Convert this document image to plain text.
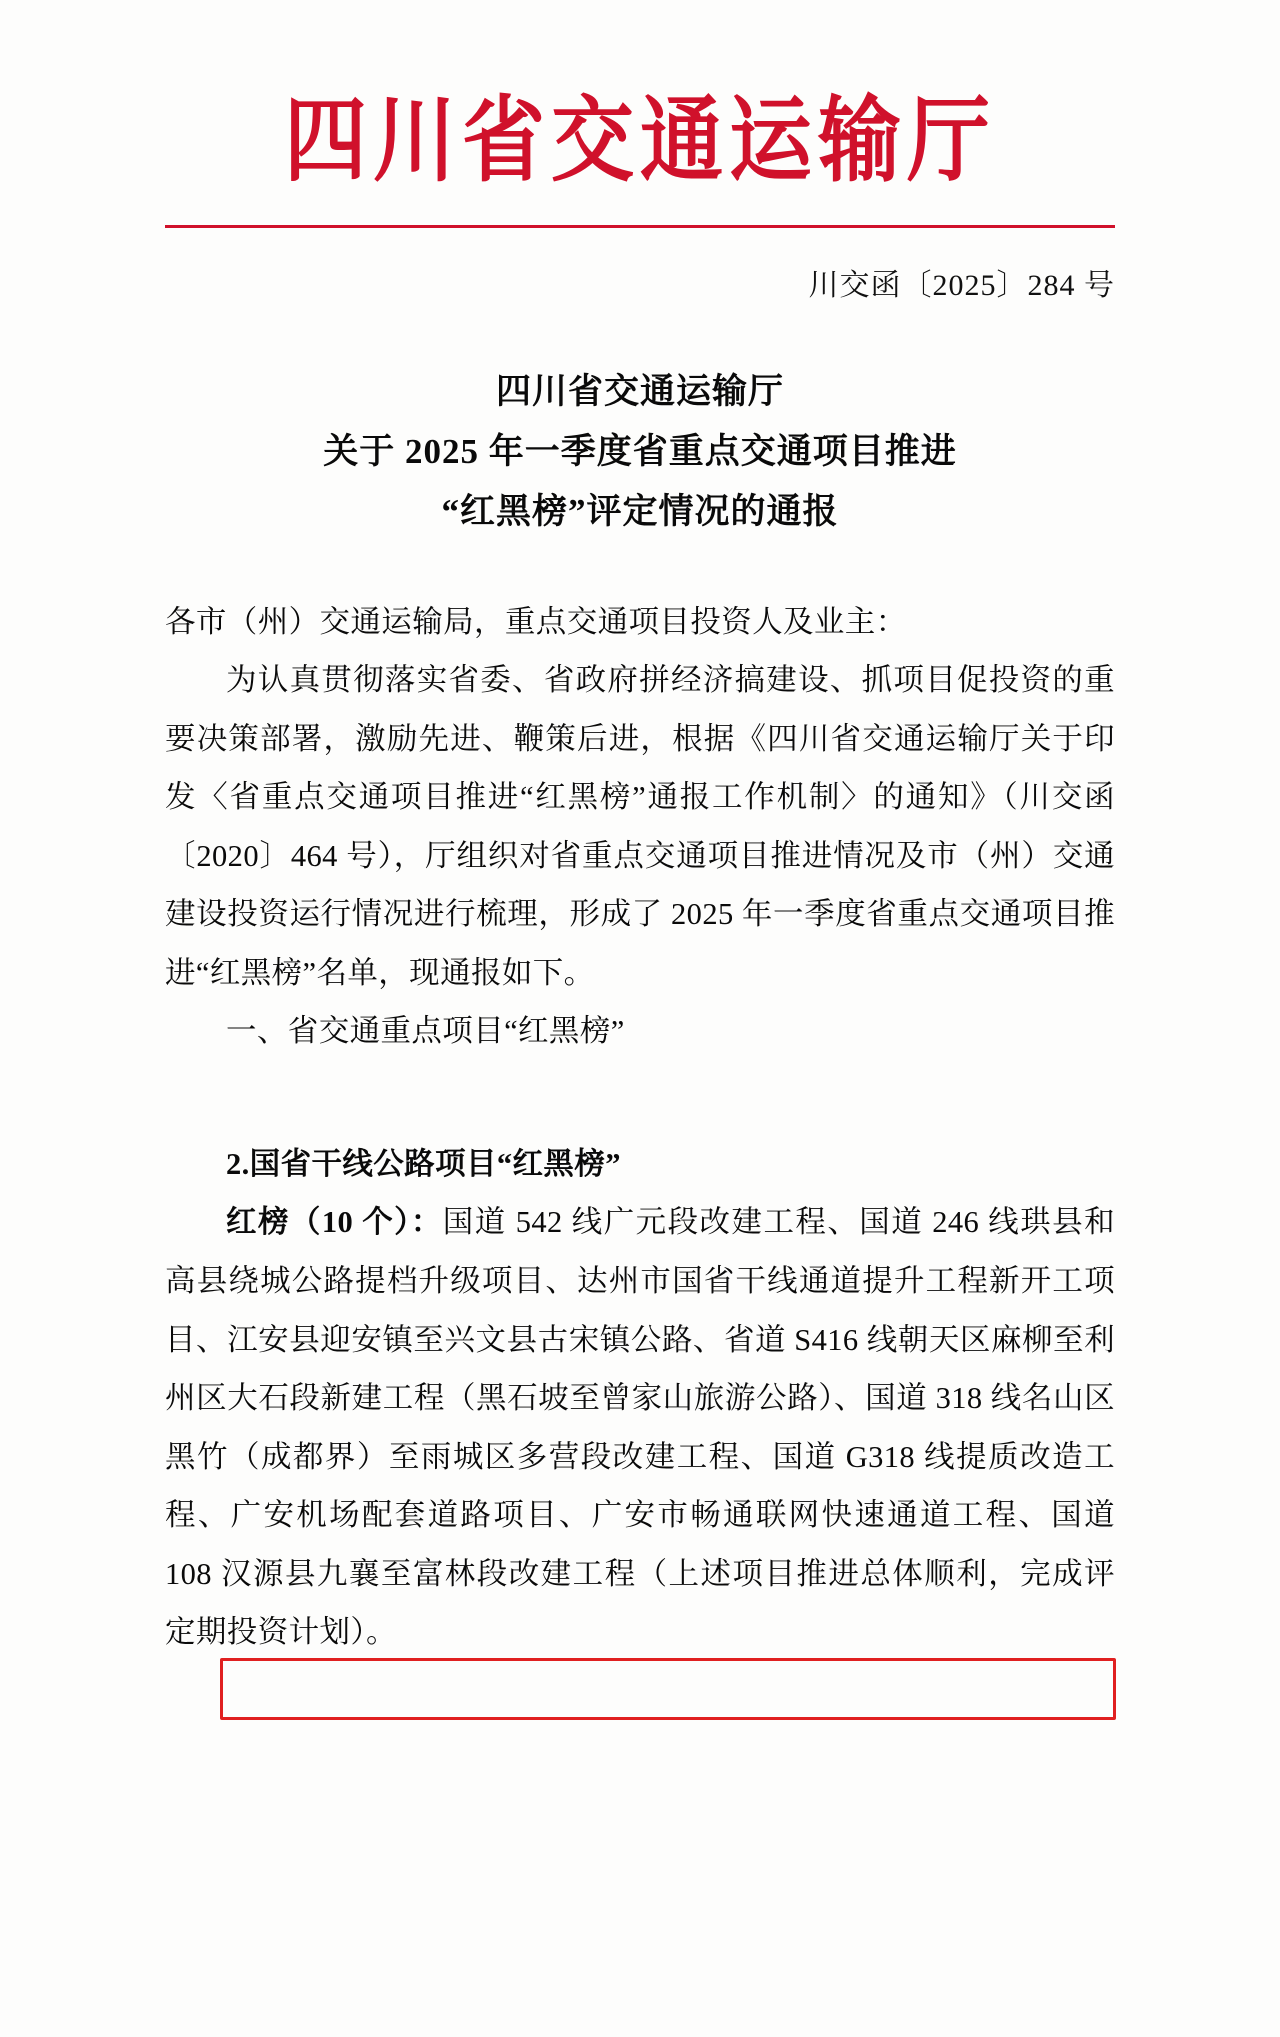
四川省交通运输厅
川交函〔2025〕284 号
四川省交通运输厅
关于 2025 年一季度省重点交通项目推进
“红黑榜”评定情况的通报

各市（州）交通运输局，重点交通项目投资人及业主：

为认真贯彻落实省委、省政府拼经济搞建设、抓项目促投资的重要决策部署，激励先进、鞭策后进，根据《四川省交通运输厅关于印发〈省重点交通项目推进“红黑榜”通报工作机制〉的通知》（川交函〔2020〕464 号），厅组织对省重点交通项目推进情况及市（州）交通建设投资运行情况进行梳理，形成了 2025 年一季度省重点交通项目推进“红黑榜”名单，现通报如下。

一、省交通重点项目“红黑榜”

2.国省干线公路项目“红黑榜”

红榜（10 个）：国道 542 线广元段改建工程、国道 246 线珙县和高县绕城公路提档升级项目、达州市国省干线通道提升工程新开工项目、江安县迎安镇至兴文县古宋镇公路、省道 S416 线朝天区麻柳至利州区大石段新建工程（黑石坡至曾家山旅游公路）、国道 318 线名山区黑竹（成都界）至雨城区多营段改建工程、国道 G318 线提质改造工程、广安机场配套道路项目、广安市畅通联网快速通道工程、国道 108 汉源县九襄至富林段改建工程（上述项目推进总体顺利，完成评定期投资计划）。
